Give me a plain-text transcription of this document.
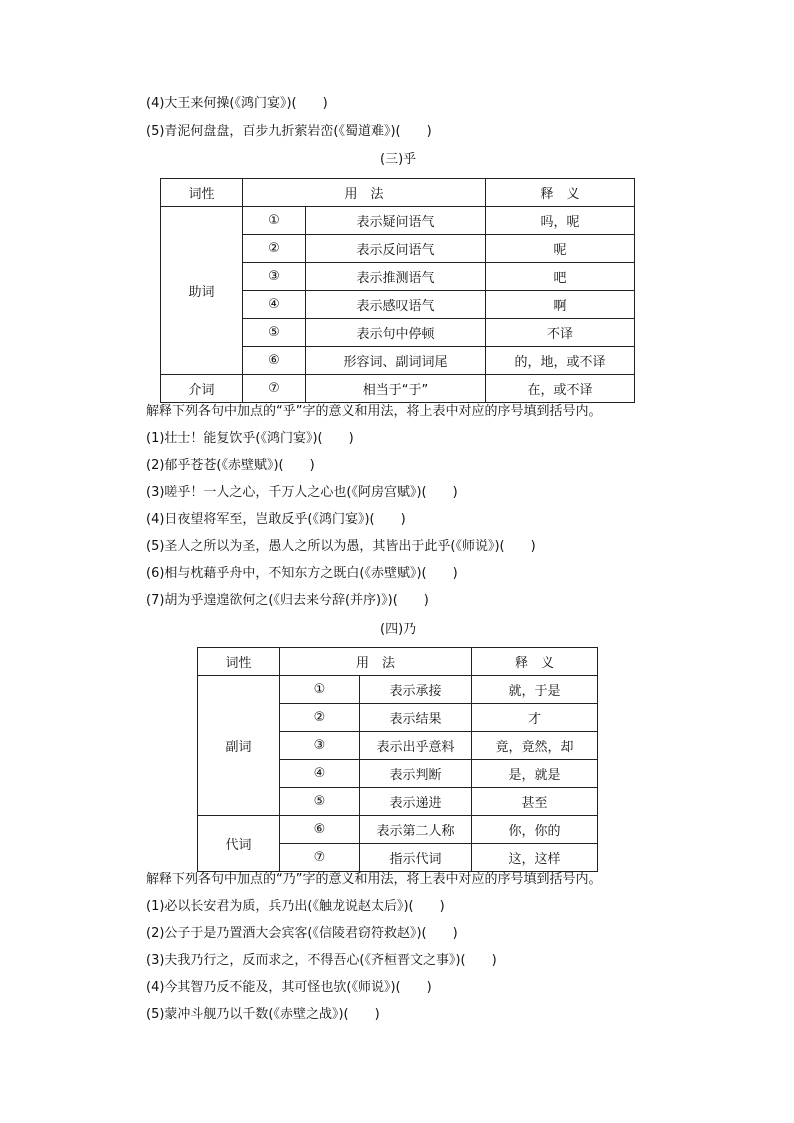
(4)大王来何操(《鸿门宴》)(　　)
(5)青泥何盘盘，百步九折萦岩峦(《蜀道难》)(　　)
(三)乎
词性	用　法		释　义
助词	①	表示疑问语气	吗，呢
	②	表示反问语气	呢
	③	表示推测语气	吧
	④	表示感叹语气	啊
	⑤	表示句中停顿	不译
	⑥	形容词、副词词尾	的，地，或不译
介词	⑦	相当于“于”	在，或不译
解释下列各句中加点的“乎”字的意义和用法，将上表中对应的序号填到括号内。
(1)壮士！能复饮乎(《鸿门宴》)(　　)
(2)郁乎苍苍(《赤壁赋》)(　　)
(3)嗟乎！一人之心，千万人之心也(《阿房宫赋》)(　　)
(4)日夜望将军至，岂敢反乎(《鸿门宴》)(　　)
(5)圣人之所以为圣，愚人之所以为愚，其皆出于此乎(《师说》)(　　)
(6)相与枕藉乎舟中，不知东方之既白(《赤壁赋》)(　　)
(7)胡为乎遑遑欲何之(《归去来兮辞(并序)》)(　　)
(四)乃
词性	用　法		释　义
副词	①	表示承接	就，于是
	②	表示结果	才
	③	表示出乎意料	竟，竟然，却
	④	表示判断	是，就是
	⑤	表示递进	甚至
代词	⑥	表示第二人称	你，你的
	⑦	指示代词	这，这样
解释下列各句中加点的“乃”字的意义和用法，将上表中对应的序号填到括号内。
(1)必以长安君为质，兵乃出(《触龙说赵太后》)(　　)
(2)公子于是乃置酒大会宾客(《信陵君窃符救赵》)(　　)
(3)夫我乃行之，反而求之，不得吾心(《齐桓晋文之事》)(　　)
(4)今其智乃反不能及，其可怪也欤(《师说》)(　　)
(5)蒙冲斗舰乃以千数(《赤壁之战》)(　　)
